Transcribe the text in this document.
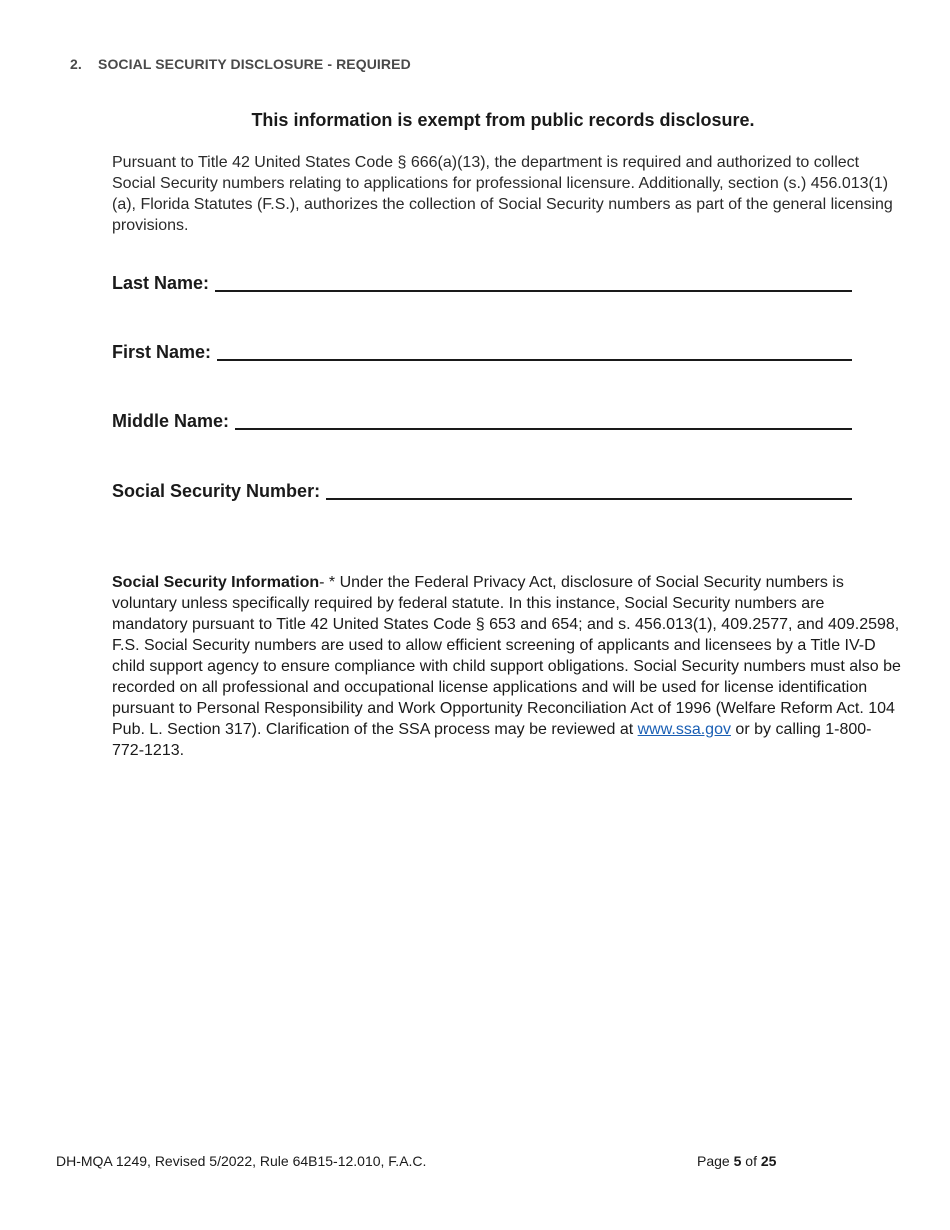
2. SOCIAL SECURITY DISCLOSURE - REQUIRED
This information is exempt from public records disclosure.

Pursuant to Title 42 United States Code § 666(a)(13), the department is required and authorized to collect Social Security numbers relating to applications for professional licensure. Additionally, section (s.) 456.013(1)(a), Florida Statutes (F.S.), authorizes the collection of Social Security numbers as part of the general licensing provisions.

Last Name:
First Name:
Middle Name:
Social Security Number:

Social Security Information- * Under the Federal Privacy Act, disclosure of Social Security numbers is voluntary unless specifically required by federal statute. In this instance, Social Security numbers are mandatory pursuant to Title 42 United States Code § 653 and 654; and s. 456.013(1), 409.2577, and 409.2598, F.S. Social Security numbers are used to allow efficient screening of applicants and licensees by a Title IV-D child support agency to ensure compliance with child support obligations. Social Security numbers must also be recorded on all professional and occupational license applications and will be used for license identification pursuant to Personal Responsibility and Work Opportunity Reconciliation Act of 1996 (Welfare Reform Act. 104 Pub. L. Section 317). Clarification of the SSA process may be reviewed at www.ssa.gov or by calling 1-800-772-1213.

DH-MQA 1249, Revised 5/2022, Rule 64B15-12.010, F.A.C.	Page 5 of 25
